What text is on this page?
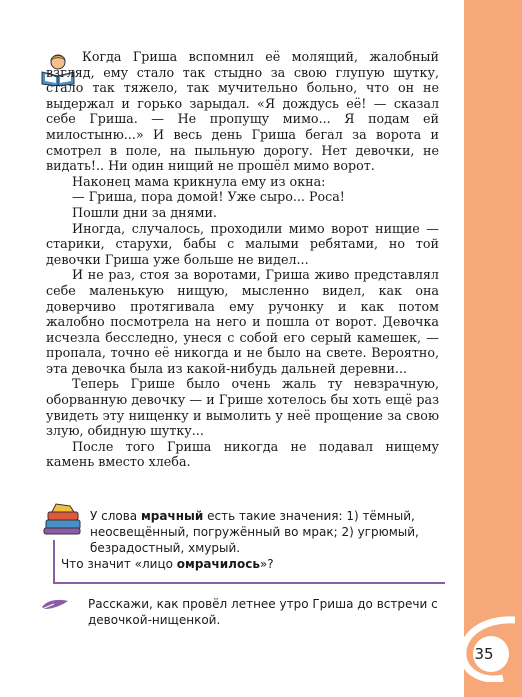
35

Когда Гриша вспомнил её молящий, жалобный взгляд, ему стало так стыдно за свою глупую шутку, стало так тяжело, так мучительно больно, что он не выдержал и горько зарыдал. «Я дождусь её! — сказал себе Гриша. — Не пропущу мимо... Я подам ей милостыню...» И весь день Гриша бегал за ворота и смотрел в поле, на пыльную дорогу. Нет девочки, не видать!.. Ни один нищий не прошёл мимо ворот.

Наконец мама крикнула ему из окна:

— Гриша, пора домой! Уже сыро... Роса!

Пошли дни за днями.

Иногда, случалось, проходили мимо ворот нищие — старики, старухи, бабы с малыми ребятами, но той девочки Гриша уже больше не видел...

И не раз, стоя за воротами, Гриша живо представлял себе маленькую нищую, мысленно видел, как она доверчиво протягивала ему ручонку и как потом жалобно посмотрела на него и пошла от ворот. Девочка исчезла бесследно, унеся с собой его серый камешек, — пропала, точно её никогда и не было на свете. Вероятно, эта девочка была из какой-нибудь дальней деревни...

Теперь Грише было очень жаль ту невзрачную, оборванную девочку — и Грише хотелось бы хоть ещё раз увидеть эту нищенку и вымолить у неё прощение за свою злую, обидную шутку...

После того Гриша никогда не подавал нищему камень вместо хлеба.

У слова мрачный есть такие значения: 1) тёмный, неосвещённый, погружённый во мрак; 2) угрюмый, безрадостный, хмурый.
Что значит «лицо омрачилось»?
Расскажи, как провёл летнее утро Гриша до встречи с девочкой-нищенкой.
